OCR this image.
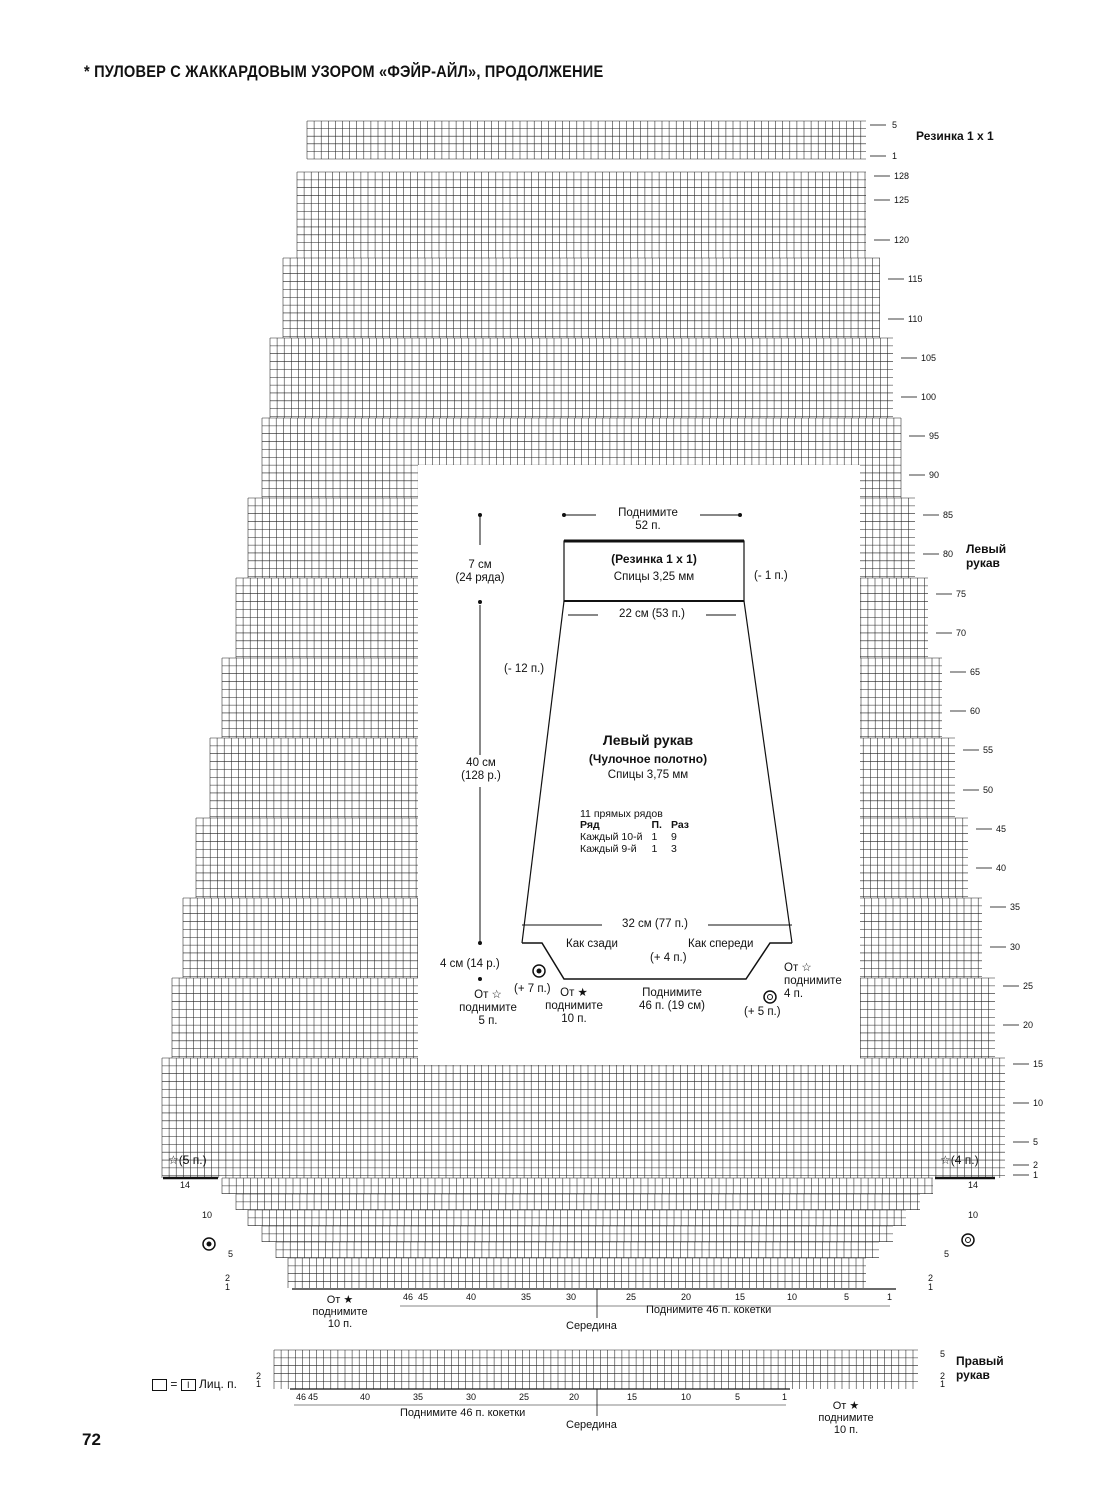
* ПУЛОВЕР С ЖАККАРДОВЫМ УЗОРОМ «ФЭЙР-АЙЛ», ПРОДОЛЖЕНИЕ
128
125
120
115
110
105
100
95
90
85
80
75
70
65
60
55
50
45
40
35
30
25
20
15
10
5
2
1
5
1
14
10
5
2
1
14
10
5
2
1
46 45	40	35	30	25	20	15	10	5	1
5
2
1
2
1
46 45	40	35	30	25	20	15	10	5	1
Резинка 1 х 1
Левый
рукав
☆(5 п.)	☆(4 п.)
От ★
поднимите
10 п.
Поднимите 46 п. кокетки
Середина
Правый
рукав
Поднимите 46 п. кокетки
Середина
От ★
поднимите
10 п.
= I Лиц. п.
72
Поднимите
52 п.
(Резинка 1 х 1)
Спицы 3,25 мм	(- 1 п.)
22 см (53 п.)
7 см
(24 ряда)
(- 12 п.)
Левый рукав
(Чулочное полотно)
Спицы 3,75 мм
40 см
(128 р.)
11 прямых рядов
Ряд	П.	Раз
Каждый 10-й	1	9
Каждый 9-й	1	3
32 см (77 п.)
Как сзади	Как спереди
(+ 4 п.)
4 см (14 р.)
(+ 7 п.)
От ☆
поднимите
5 п.
От ★
поднимите
10 п.
Поднимите
46 п. (19 см)
От ☆
поднимите
4 п.
(+ 5 п.)
